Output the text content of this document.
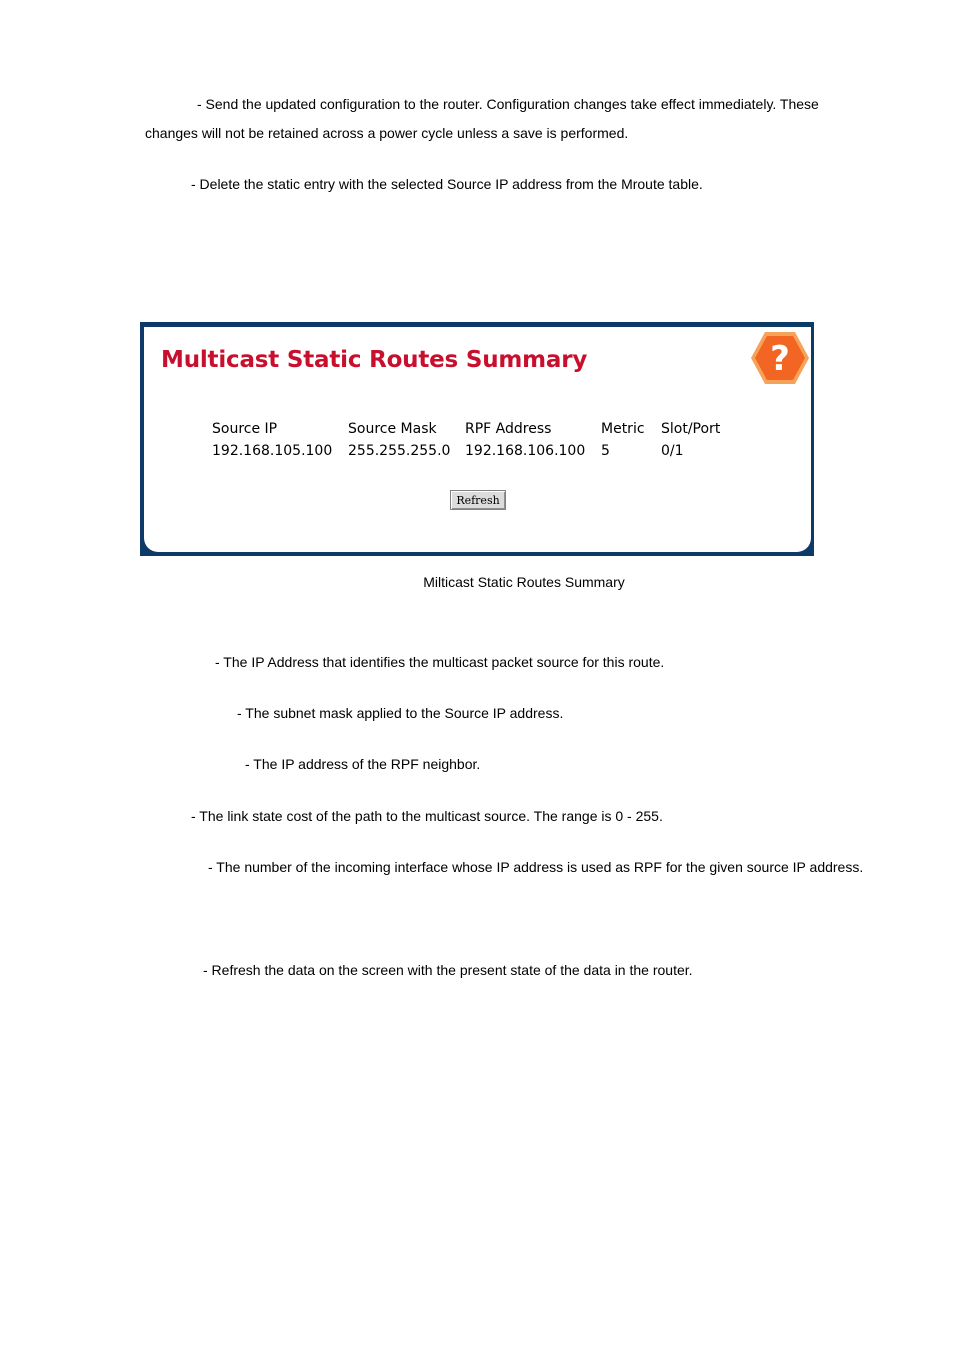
- Send the updated configuration to the router. Configuration changes take effect immediately. These changes will not be retained across a power cycle unless a save is performed.
- Delete the static entry with the selected Source IP address from the Mroute table.
Multicast Static Routes Summary	?
Source IP	Source Mask	RPF Address	Metric	Slot/Port
192.168.105.100	255.255.255.0	192.168.106.100	5	0/1
Refresh
Milticast Static Routes Summary
- The IP Address that identifies the multicast packet source for this route.
- The subnet mask applied to the Source IP address.
- The IP address of the RPF neighbor.
- The link state cost of the path to the multicast source. The range is 0 - 255.
- The number of the incoming interface whose IP address is used as RPF for the given source IP address.
- Refresh the data on the screen with the present state of the data in the router.
